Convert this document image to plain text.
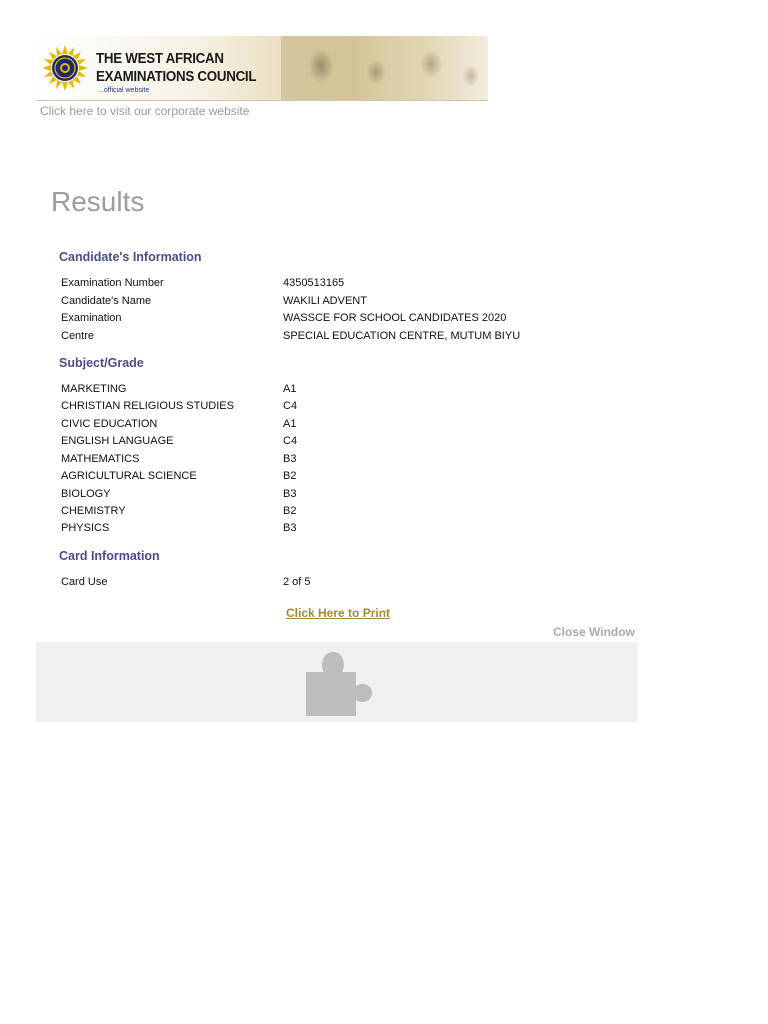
THE WEST AFRICAN
EXAMINATIONS COUNCIL
...official website
Click here to visit our corporate website
Results
Candidate's Information
Examination Number	4350513165
Candidate's Name	WAKILI ADVENT
Examination	WASSCE FOR SCHOOL CANDIDATES 2020
Centre	SPECIAL EDUCATION CENTRE, MUTUM BIYU
Subject/Grade
MARKETING	A1
CHRISTIAN RELIGIOUS STUDIES	C4
CIVIC EDUCATION	A1
ENGLISH LANGUAGE	C4
MATHEMATICS	B3
AGRICULTURAL SCIENCE	B2
BIOLOGY	B3
CHEMISTRY	B2
PHYSICS	B3
Card Information
Card Use	2 of 5
Click Here to Print
Close Window
